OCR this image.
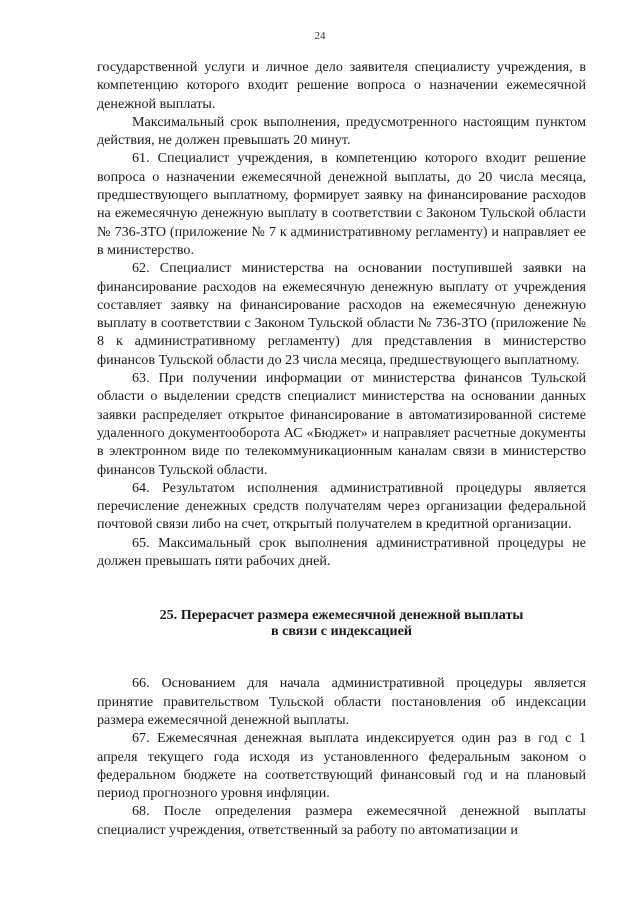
24

государственной услуги и личное дело заявителя специалисту учреждения, в компетенцию которого входит решение вопроса о назначении ежемесячной денежной выплаты.

Максимальный срок выполнения, предусмотренного настоящим пунктом действия, не должен превышать 20 минут.

61. Специалист учреждения, в компетенцию которого входит решение вопроса о назначении ежемесячной денежной выплаты, до 20 числа месяца, предшествующего выплатному, формирует заявку на финансирование расходов на ежемесячную денежную выплату в соответствии с Законом Тульской области № 736-ЗТО (приложение № 7 к административному регламенту) и направляет ее в министерство.

62. Специалист министерства на основании поступившей заявки на финансирование расходов на ежемесячную денежную выплату от учреждения составляет заявку на финансирование расходов на ежемесячную денежную выплату в соответствии с Законом Тульской области № 736-ЗТО (приложение № 8 к административному регламенту) для представления в министерство финансов Тульской области до 23 числа месяца, предшествующего выплатному.

63. При получении информации от министерства финансов Тульской области о выделении средств специалист министерства на основании данных заявки распределяет открытое финансирование в автоматизированной системе удаленного документооборота АС «Бюджет» и направляет расчетные документы в электронном виде по телекоммуникационным каналам связи в министерство финансов Тульской области.

64. Результатом исполнения административной процедуры является перечисление денежных средств получателям через организации федеральной почтовой связи либо на счет, открытый получателем в кредитной организации.

65. Максимальный срок выполнения административной процедуры не должен превышать пяти рабочих дней.

25. Перерасчет размера ежемесячной денежной выплаты
в связи с индексацией

66. Основанием для начала административной процедуры является принятие правительством Тульской области постановления об индексации размера ежемесячной денежной выплаты.

67. Ежемесячная денежная выплата индексируется один раз в год с 1 апреля текущего года исходя из установленного федеральным законом о федеральном бюджете на соответствующий финансовый год и на плановый период прогнозного уровня инфляции.

68. После определения размера ежемесячной денежной выплаты специалист учреждения, ответственный за работу по автоматизации и
